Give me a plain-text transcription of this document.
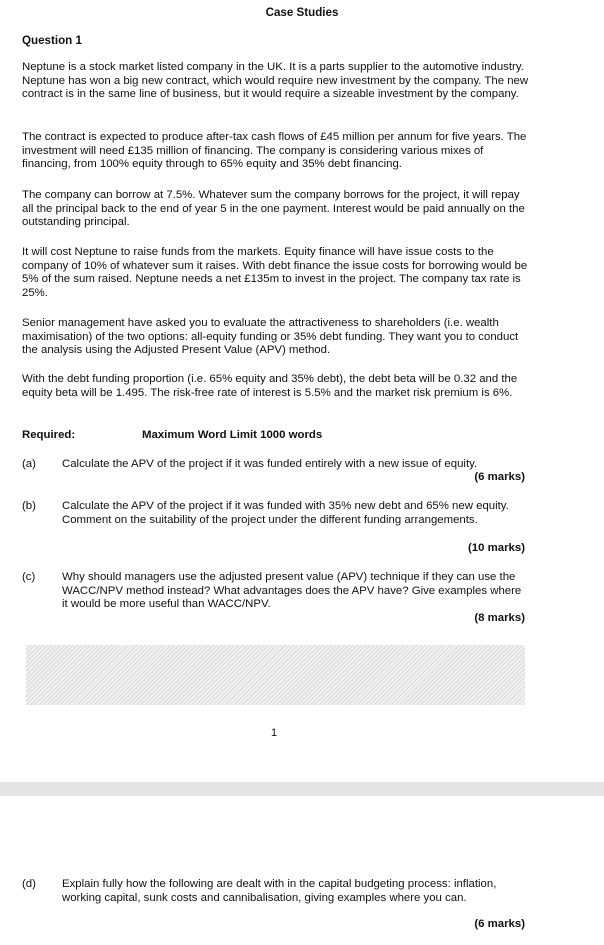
Case Studies
Question 1
Neptune is a stock market listed company in the UK. It is a parts supplier to the automotive industry. Neptune has won a big new contract, which would require new investment by the company. The new contract is in the same line of business, but it would require a sizeable investment by the company.
The contract is expected to produce after-tax cash flows of £45 million per annum for five years. The investment will need £135 million of financing. The company is considering various mixes of financing, from 100% equity through to 65% equity and 35% debt financing.
The company can borrow at 7.5%. Whatever sum the company borrows for the project, it will repay all the principal back to the end of year 5 in the one payment. Interest would be paid annually on the outstanding principal.
It will cost Neptune to raise funds from the markets. Equity finance will have issue costs to the company of 10% of whatever sum it raises. With debt finance the issue costs for borrowing would be 5% of the sum raised. Neptune needs a net £135m to invest in the project. The company tax rate is 25%.
Senior management have asked you to evaluate the attractiveness to shareholders (i.e. wealth maximisation) of the two options: all-equity funding or 35% debt funding. They want you to conduct the analysis using the Adjusted Present Value (APV) method.
With the debt funding proportion (i.e. 65% equity and 35% debt), the debt beta will be 0.32 and the equity beta will be 1.495. The risk-free rate of interest is 5.5% and the market risk premium is 6%.
Required:	Maximum Word Limit 1000 words
(a) Calculate the APV of the project if it was funded entirely with a new issue of equity.
(6 marks)
(b) Calculate the APV of the project if it was funded with 35% new debt and 65% new equity. Comment on the suitability of the project under the different funding arrangements.
(10 marks)
(c) Why should managers use the adjusted present value (APV) technique if they can use the WACC/NPV method instead? What advantages does the APV have? Give examples where it would be more useful than WACC/NPV.
(8 marks)
1
(d) Explain fully how the following are dealt with in the capital budgeting process: inflation, working capital, sunk costs and cannibalisation, giving examples where you can.
(6 marks)
